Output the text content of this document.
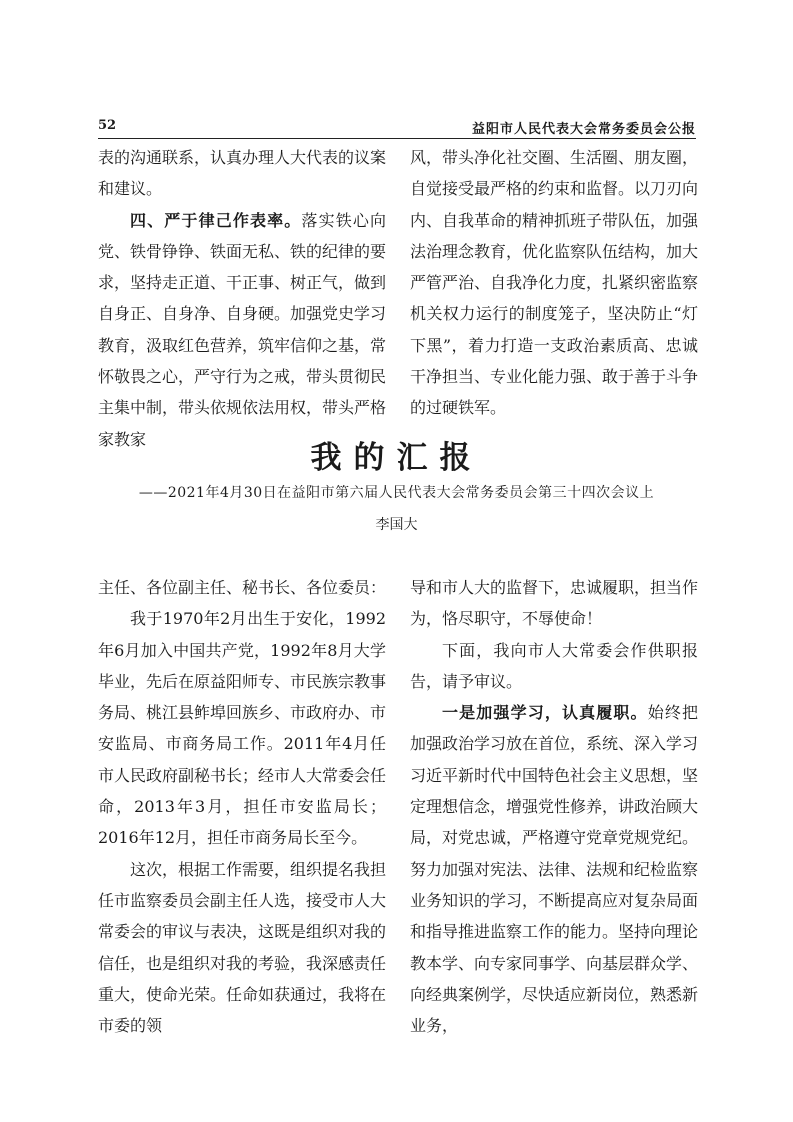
52	益阳市人民代表大会常务委员会公报

表的沟通联系，认真办理人大代表的议案和建议。

四、严于律己作表率。落实铁心向党、铁骨铮铮、铁面无私、铁的纪律的要求，坚持走正道、干正事、树正气，做到自身正、自身净、自身硬。加强党史学习教育，汲取红色营养，筑牢信仰之基，常怀敬畏之心，严守行为之戒，带头贯彻民主集中制，带头依规依法用权，带头严格家教家

风，带头净化社交圈、生活圈、朋友圈，自觉接受最严格的约束和监督。以刀刃向内、自我革命的精神抓班子带队伍，加强法治理念教育，优化监察队伍结构，加大严管严治、自我净化力度，扎紧织密监察机关权力运行的制度笼子，坚决防止“灯下黑”，着力打造一支政治素质高、忠诚干净担当、专业化能力强、敢于善于斗争的过硬铁军。

我的汇报
——2021年4月30日在益阳市第六届人民代表大会常务委员会第三十四次会议上
李国大

主任、各位副主任、秘书长、各位委员：

我于1970年2月出生于安化，1992年6月加入中国共产党，1992年8月大学毕业，先后在原益阳师专、市民族宗教事务局、桃江县鲊埠回族乡、市政府办、市安监局、市商务局工作。2011年4月任市人民政府副秘书长；经市人大常委会任命，2013年3月，担任市安监局长；2016年12月，担任市商务局长至今。

这次，根据工作需要，组织提名我担任市监察委员会副主任人选，接受市人大常委会的审议与表决，这既是组织对我的信任，也是组织对我的考验，我深感责任重大，使命光荣。任命如获通过，我将在市委的领

导和市人大的监督下，忠诚履职，担当作为，恪尽职守，不辱使命！

下面，我向市人大常委会作供职报告，请予审议。

一是加强学习，认真履职。始终把加强政治学习放在首位，系统、深入学习习近平新时代中国特色社会主义思想，坚定理想信念，增强党性修养，讲政治顾大局，对党忠诚，严格遵守党章党规党纪。努力加强对宪法、法律、法规和纪检监察业务知识的学习，不断提高应对复杂局面和指导推进监察工作的能力。坚持向理论教本学、向专家同事学、向基层群众学、向经典案例学，尽快适应新岗位，熟悉新业务，
